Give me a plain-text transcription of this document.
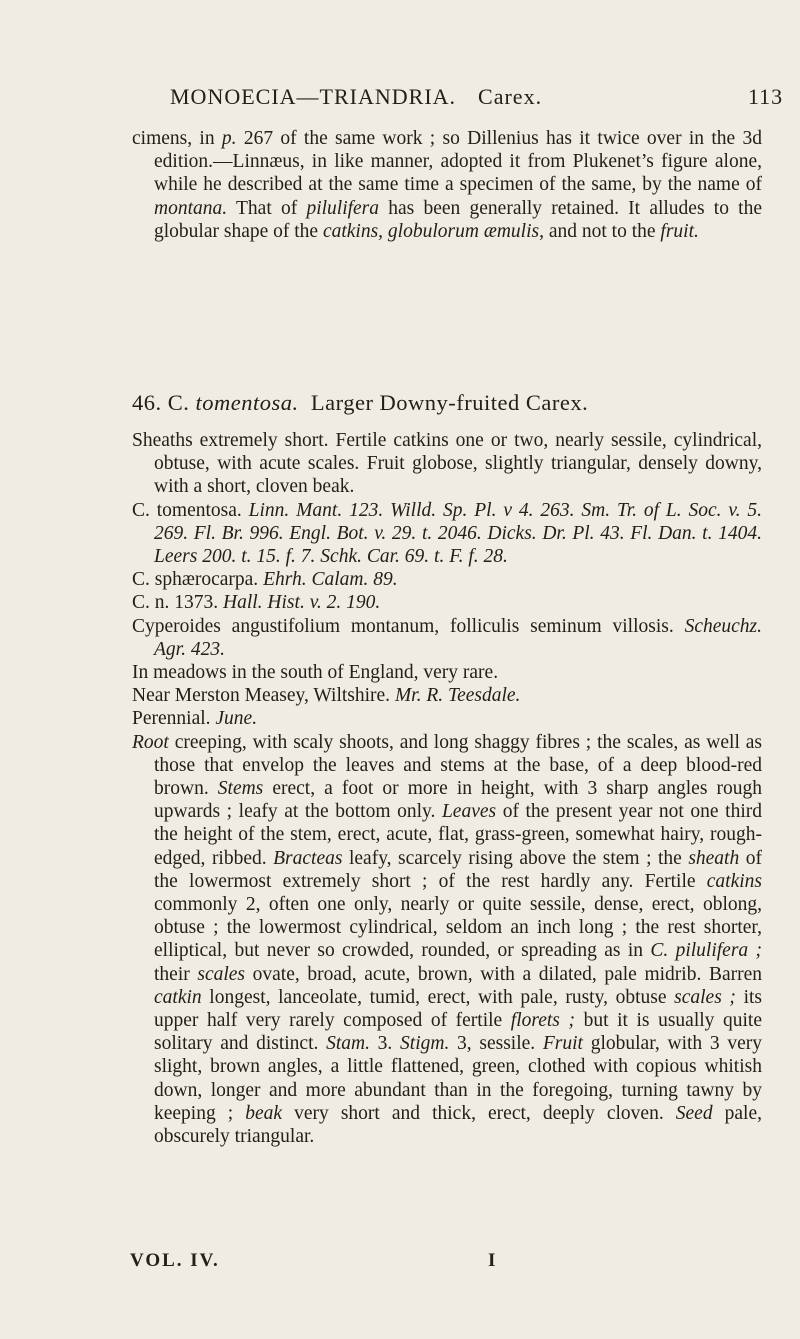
MONOECIA—TRIANDRIA. Carex.	113

cimens, in p. 267 of the same work ; so Dillenius has it twice over in the 3d edition.—Linnæus, in like manner, adopted it from Plukenet’s figure alone, while he described at the same time a specimen of the same, by the name of montana. That of pilulifera has been generally retained. It alludes to the globular shape of the catkins, globulorum æmulis, and not to the fruit.

46. C. tomentosa. Larger Downy-fruited Carex.

Sheaths extremely short. Fertile catkins one or two, nearly sessile, cylindrical, obtuse, with acute scales. Fruit globose, slightly triangular, densely downy, with a short, cloven beak.

C. tomentosa. Linn. Mant. 123. Willd. Sp. Pl. v 4. 263. Sm. Tr. of L. Soc. v. 5. 269. Fl. Br. 996. Engl. Bot. v. 29. t. 2046. Dicks. Dr. Pl. 43. Fl. Dan. t. 1404. Leers 200. t. 15. f. 7. Schk. Car. 69. t. F. f. 28.

C. sphærocarpa. Ehrh. Calam. 89.

C. n. 1373. Hall. Hist. v. 2. 190.

Cyperoides angustifolium montanum, folliculis seminum villosis. Scheuchz. Agr. 423.

In meadows in the south of England, very rare.

Near Merston Measey, Wiltshire. Mr. R. Teesdale.

Perennial. June.

Root creeping, with scaly shoots, and long shaggy fibres ; the scales, as well as those that envelop the leaves and stems at the base, of a deep blood-red brown. Stems erect, a foot or more in height, with 3 sharp angles rough upwards ; leafy at the bottom only. Leaves of the present year not one third the height of the stem, erect, acute, flat, grass-green, somewhat hairy, rough-edged, ribbed. Bracteas leafy, scarcely rising above the stem ; the sheath of the lowermost extremely short ; of the rest hardly any. Fertile catkins commonly 2, often one only, nearly or quite sessile, dense, erect, oblong, obtuse ; the lowermost cylindrical, seldom an inch long ; the rest shorter, elliptical, but never so crowded, rounded, or spreading as in C. pilulifera ; their scales ovate, broad, acute, brown, with a dilated, pale midrib. Barren catkin longest, lanceolate, tumid, erect, with pale, rusty, obtuse scales ; its upper half very rarely composed of fertile florets ; but it is usually quite solitary and distinct. Stam. 3. Stigm. 3, sessile. Fruit globular, with 3 very slight, brown angles, a little flattened, green, clothed with copious whitish down, longer and more abundant than in the foregoing, turning tawny by keeping ; beak very short and thick, erect, deeply cloven. Seed pale, obscurely triangular.

VOL. IV.	I
